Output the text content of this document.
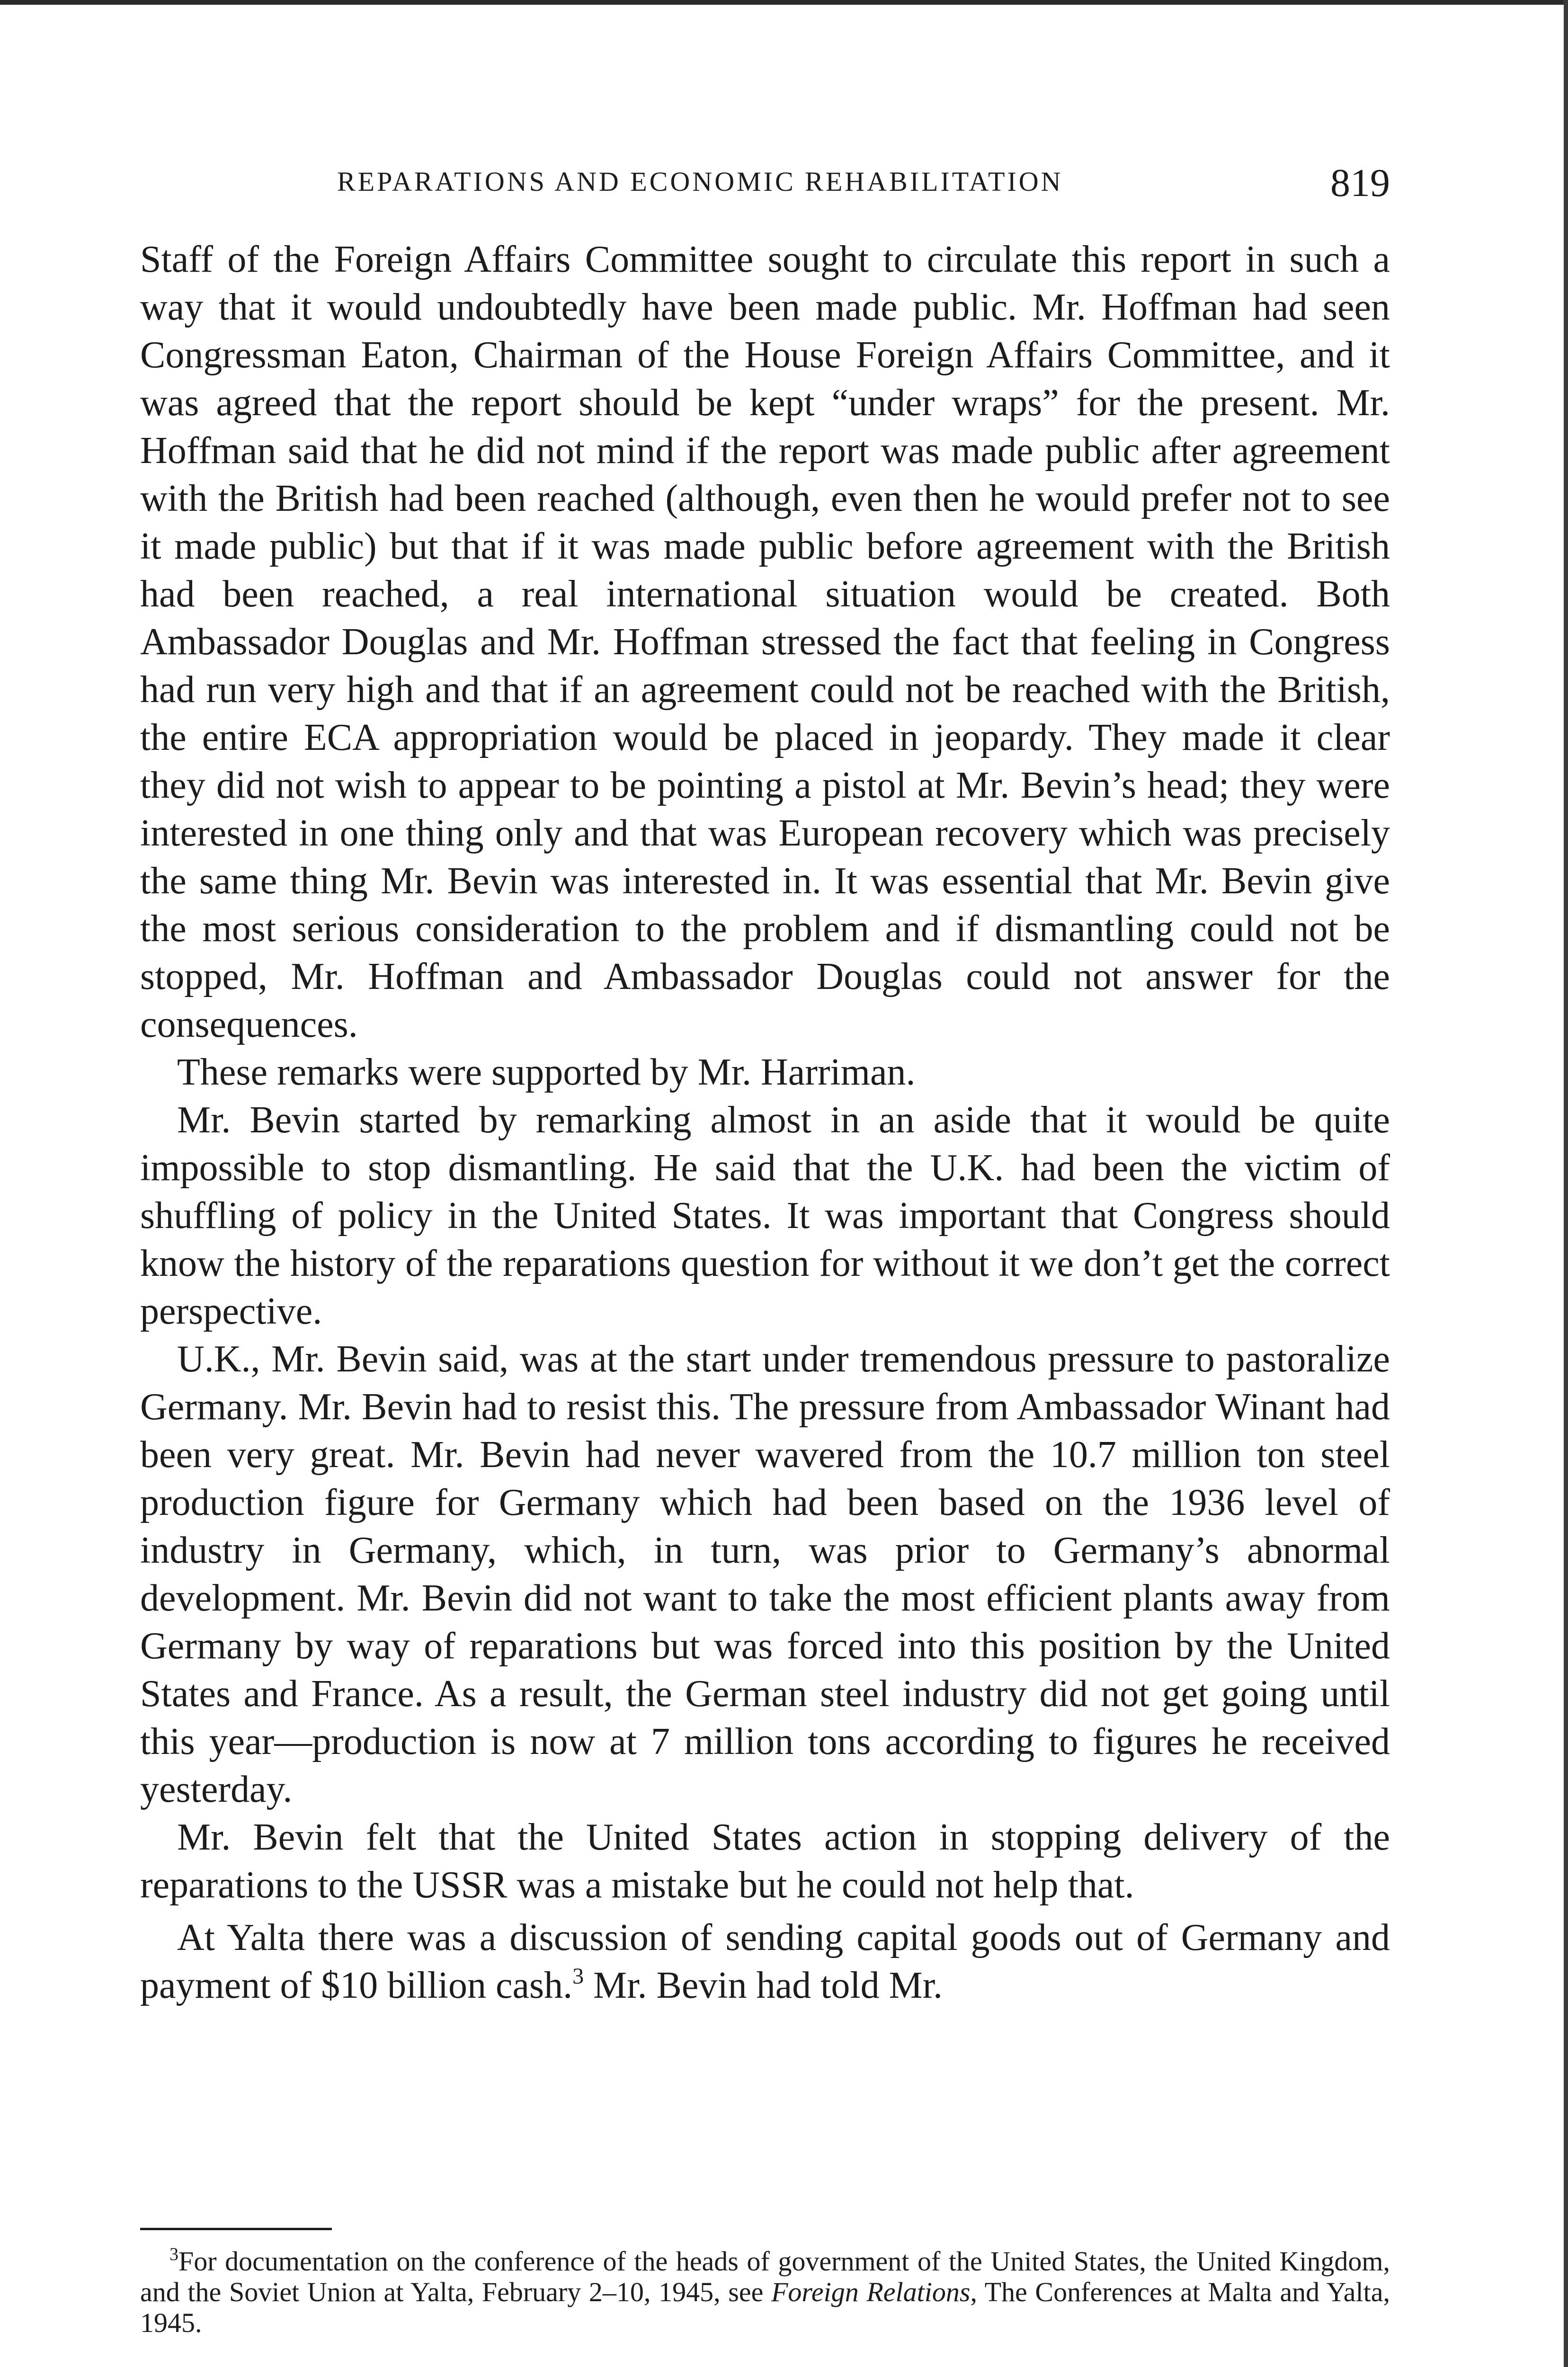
REPARATIONS AND ECONOMIC REHABILITATION	819

Staff of the Foreign Affairs Committee sought to circulate this report in such a way that it would undoubtedly have been made public. Mr. Hoffman had seen Congressman Eaton, Chairman of the House Foreign Affairs Committee, and it was agreed that the report should be kept “under wraps” for the present. Mr. Hoffman said that he did not mind if the report was made public after agreement with the British had been reached (although, even then he would prefer not to see it made public) but that if it was made public before agreement with the British had been reached, a real international situation would be created. Both Ambassador Douglas and Mr. Hoffman stressed the fact that feeling in Congress had run very high and that if an agreement could not be reached with the British, the entire ECA appropriation would be placed in jeopardy. They made it clear they did not wish to appear to be pointing a pistol at Mr. Bevin’s head; they were interested in one thing only and that was European recovery which was precisely the same thing Mr. Bevin was interested in. It was essential that Mr. Bevin give the most serious consideration to the problem and if dismantling could not be stopped, Mr. Hoffman and Ambassador Douglas could not answer for the consequences.

These remarks were supported by Mr. Harriman.

Mr. Bevin started by remarking almost in an aside that it would be quite impossible to stop dismantling. He said that the U.K. had been the victim of shuffling of policy in the United States. It was important that Congress should know the history of the reparations question for without it we don’t get the correct perspective.

U.K., Mr. Bevin said, was at the start under tremendous pressure to pastoralize Germany. Mr. Bevin had to resist this. The pressure from Ambassador Winant had been very great. Mr. Bevin had never wavered from the 10.7 million ton steel production figure for Germany which had been based on the 1936 level of industry in Germany, which, in turn, was prior to Germany’s abnormal development. Mr. Bevin did not want to take the most efficient plants away from Germany by way of reparations but was forced into this position by the United States and France. As a result, the German steel industry did not get going until this year—production is now at 7 million tons according to figures he received yesterday.

Mr. Bevin felt that the United States action in stopping delivery of the reparations to the USSR was a mistake but he could not help that.

At Yalta there was a discussion of sending capital goods out of Germany and payment of $10 billion cash.$^3$ Mr. Bevin had told Mr.

$^3$For documentation on the conference of the heads of government of the United States, the United Kingdom, and the Soviet Union at Yalta, February 2–10, 1945, see Foreign Relations, The Conferences at Malta and Yalta, 1945.
